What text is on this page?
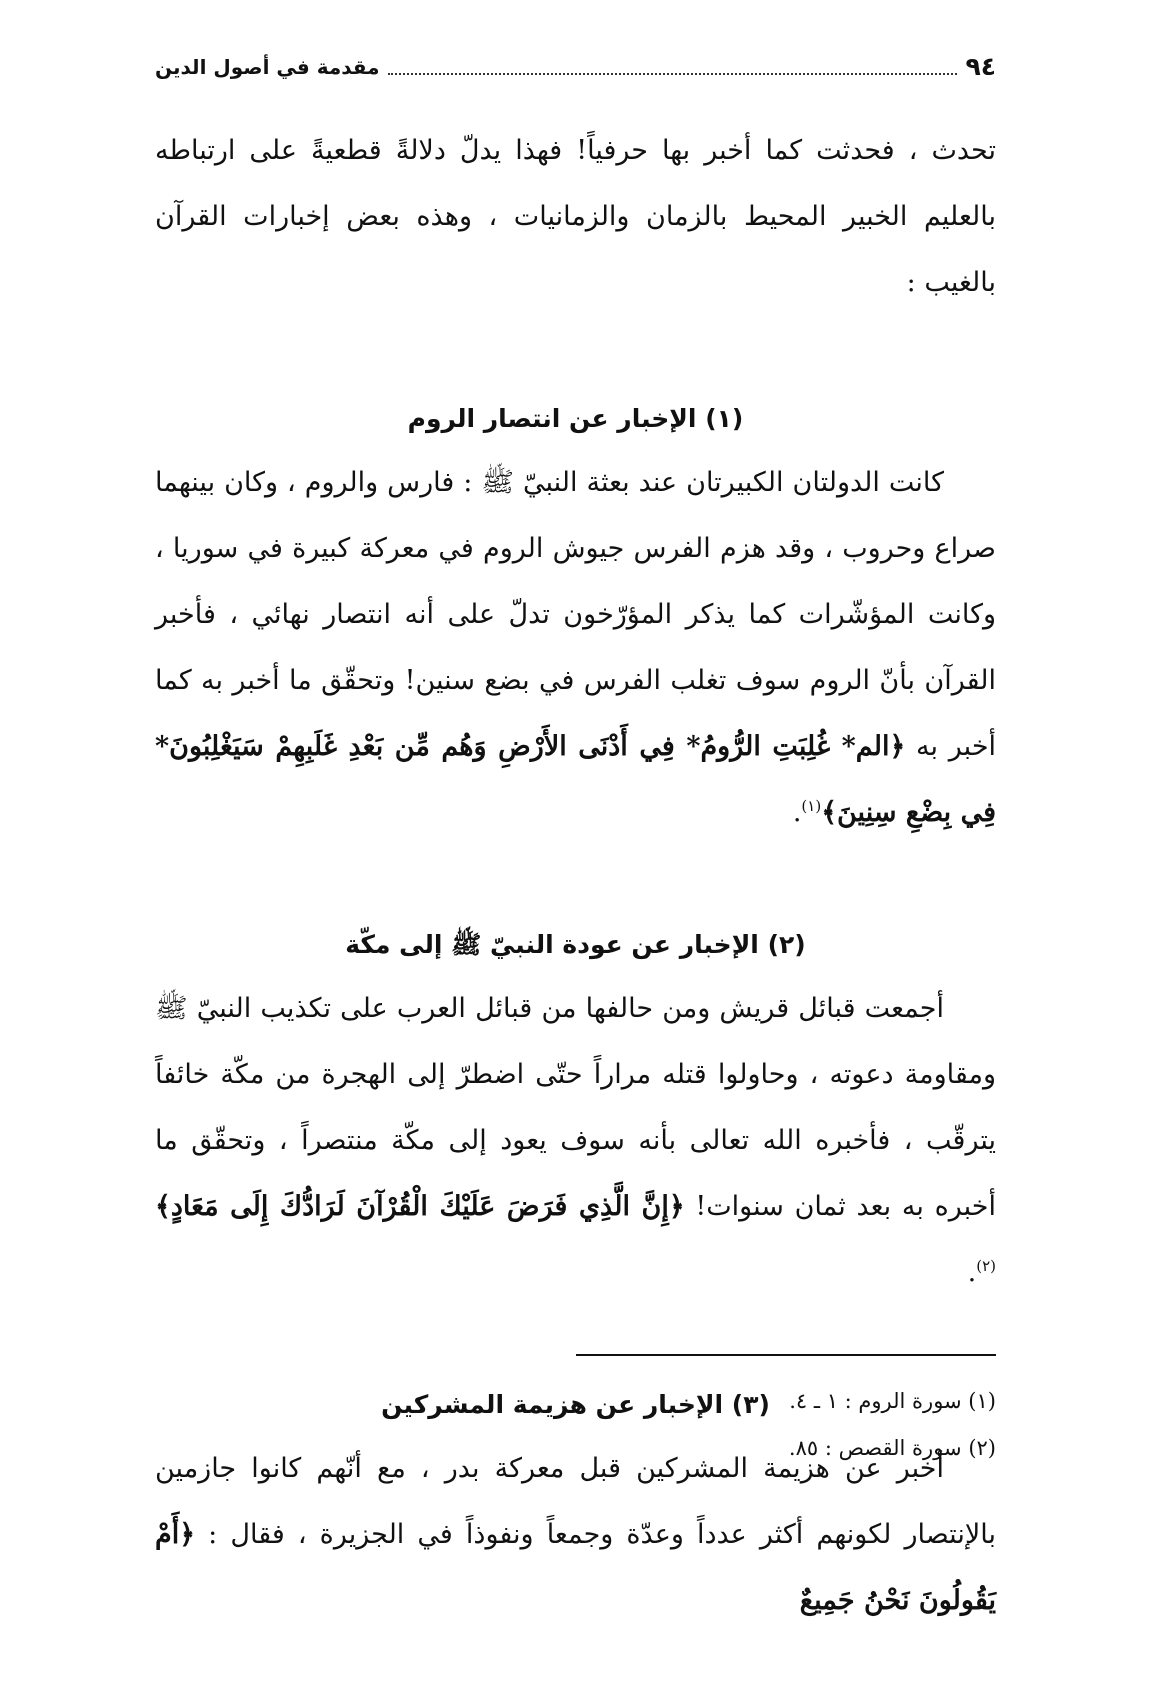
٩٤
مقدمة في أصول الدين

تحدث ، فحدثت كما أخبر بها حرفياً! فهذا يدلّ دلالةً قطعيةً على ارتباطه بالعليم الخبير المحيط بالزمان والزمانيات ، وهذه بعض إخبارات القرآن بالغيب :

(١) الإخبار عن انتصار الروم

كانت الدولتان الكبيرتان عند بعثة النبيّ ﷺ : فارس والروم ، وكان بينهما صراع وحروب ، وقد هزم الفرس جيوش الروم في معركة كبيرة في سوريا ، وكانت المؤشّرات كما يذكر المؤرّخون تدلّ على أنه انتصار نهائي ، فأخبر القرآن بأنّ الروم سوف تغلب الفرس في بضع سنين! وتحقّق ما أخبر به كما أخبر به ﴿الم* غُلِبَتِ الرُّومُ* فِي أَدْنَى الأَرْضِ وَهُم مِّن بَعْدِ غَلَبِهِمْ سَيَغْلِبُونَ* فِي بِضْعِ سِنِينَ﴾$^{(١)}$.

(٢) الإخبار عن عودة النبيّ ﷺ إلى مكّة

أجمعت قبائل قريش ومن حالفها من قبائل العرب على تكذيب النبيّ ﷺ ومقاومة دعوته ، وحاولوا قتله مراراً حتّى اضطرّ إلى الهجرة من مكّة خائفاً يترقّب ، فأخبره الله تعالى بأنه سوف يعود إلى مكّة منتصراً ، وتحقّق ما أخبره به بعد ثمان سنوات! ﴿إِنَّ الَّذِي فَرَضَ عَلَيْكَ الْقُرْآنَ لَرَادُّكَ إِلَى مَعَادٍ﴾$^{(٢)}$.

(٣) الإخبار عن هزيمة المشركين

أخبر عن هزيمة المشركين قبل معركة بدر ، مع أنّهم كانوا جازمين بالإنتصار لكونهم أكثر عدداً وعدّة وجمعاً ونفوذاً في الجزيرة ، فقال : ﴿أَمْ يَقُولُونَ نَحْنُ جَمِيعٌ

(١) سورة الروم : ١ ـ ٤.

(٢) سورة القصص : ٨٥.
